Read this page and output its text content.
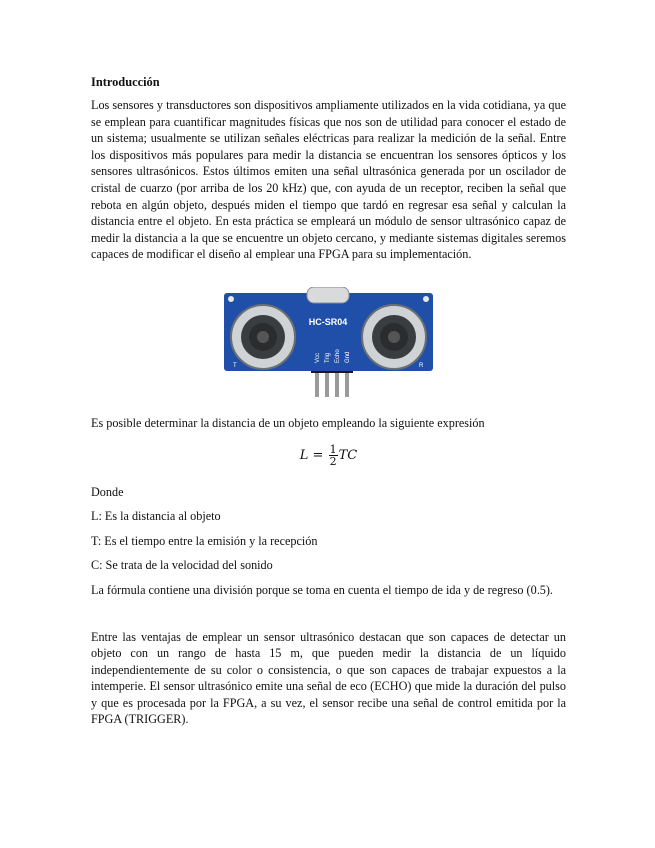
Introducción

Los sensores y transductores son dispositivos ampliamente utilizados en la vida cotidiana, ya que se emplean para cuantificar magnitudes físicas que nos son de utilidad para conocer el estado de un sistema; usualmente se utilizan señales eléctricas para realizar la medición de la señal. Entre los dispositivos más populares para medir la distancia se encuentran los sensores ópticos y los sensores ultrasónicos. Estos últimos emiten una señal ultrasónica generada por un oscilador de cristal de cuarzo (por arriba de los 20 kHz) que, con ayuda de un receptor, reciben la señal que rebota en algún objeto, después miden el tiempo que tardó en regresar esa señal y calculan la distancia entre el objeto. En esta práctica se empleará un módulo de sensor ultrasónico capaz de medir la distancia a la que se encuentre un objeto cercano, y mediante sistemas digitales seremos capaces de modificar el diseño al emplear una FPGA para su implementación.

HC-SR04
Vcc Trig Echo Gnd
T	R

Es posible determinar la distancia de un objeto empleando la siguiente expresión

$L = \frac{1}{2}$ TC

Donde

L: Es la distancia al objeto

T: Es el tiempo entre la emisión y la recepción

C: Se trata de la velocidad del sonido

La fórmula contiene una división porque se toma en cuenta el tiempo de ida y de regreso (0.5).

Entre las ventajas de emplear un sensor ultrasónico destacan que son capaces de detectar un objeto con un rango de hasta 15 m, que pueden medir la distancia de un líquido independientemente de su color o consistencia, o que son capaces de trabajar expuestos a la intemperie. El sensor ultrasónico emite una señal de eco (ECHO) que mide la duración del pulso y que es procesada por la FPGA, a su vez, el sensor recibe una señal de control emitida por la FPGA (TRIGGER).
